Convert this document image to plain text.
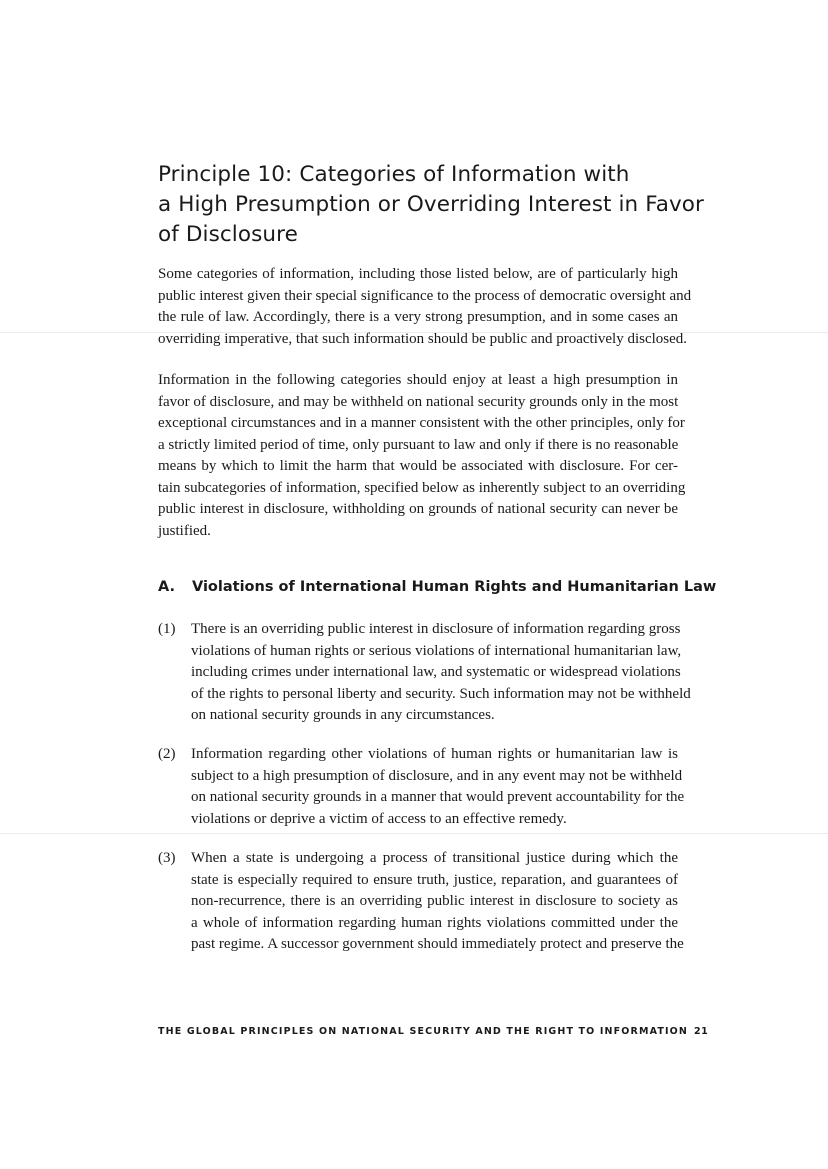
Principle 10: Categories of Information with
a High Presumption or Overriding Interest in Favor
of Disclosure

Some categories of information, including those listed below, are of particularly high
public interest given their special significance to the process of democratic oversight and
the rule of law. Accordingly, there is a very strong presumption, and in some cases an
overriding imperative, that such information should be public and proactively disclosed.

Information in the following categories should enjoy at least a high presumption in
favor of disclosure, and may be withheld on national security grounds only in the most
exceptional circumstances and in a manner consistent with the other principles, only for
a strictly limited period of time, only pursuant to law and only if there is no reasonable
means by which to limit the harm that would be associated with disclosure. For cer-
tain subcategories of information, specified below as inherently subject to an overriding
public interest in disclosure, withholding on grounds of national security can never be
justified.

A. Violations of International Human Rights and Humanitarian Law
(1)	There is an overriding public interest in disclosure of information regarding gross
violations of human rights or serious violations of international humanitarian law,
including crimes under international law, and systematic or widespread violations
of the rights to personal liberty and security. Such information may not be withheld
on national security grounds in any circumstances.
(2)	Information regarding other violations of human rights or humanitarian law is
subject to a high presumption of disclosure, and in any event may not be withheld
on national security grounds in a manner that would prevent accountability for the
violations or deprive a victim of access to an effective remedy.
(3)	When a state is undergoing a process of transitional justice during which the
state is especially required to ensure truth, justice, reparation, and guarantees of
non-recurrence, there is an overriding public interest in disclosure to society as
a whole of information regarding human rights violations committed under the
past regime. A successor government should immediately protect and preserve the

THE GLOBAL PRINCIPLES ON NATIONAL SECURITY AND THE RIGHT TO INFORMATION 21
